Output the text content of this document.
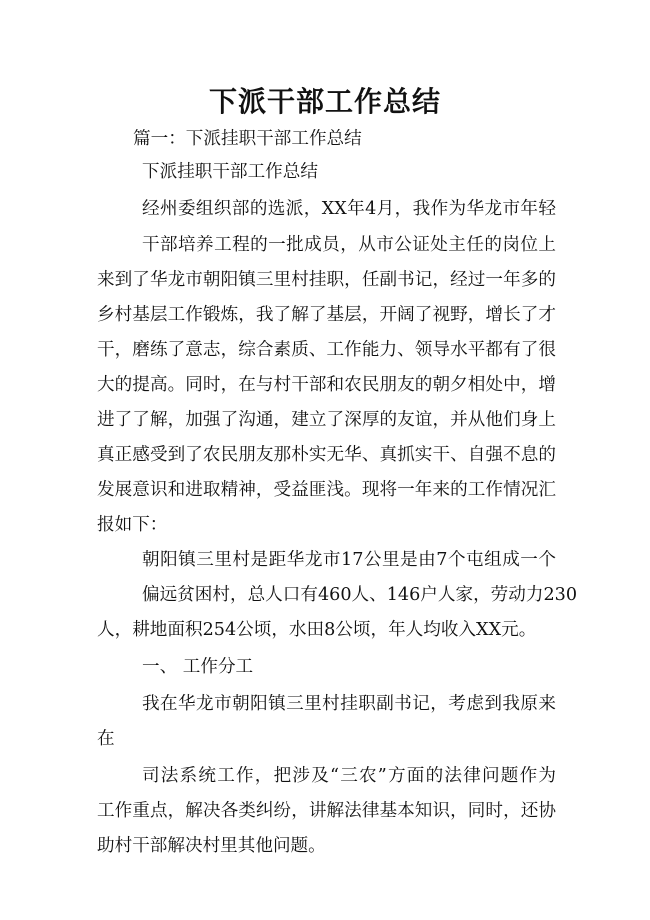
下派干部工作总结

篇一：下派挂职干部工作总结

下派挂职干部工作总结

经州委组织部的选派，XX年4月，我作为华龙市年轻

干部培养工程的一批成员，从市公证处主任的岗位上

来到了华龙市朝阳镇三里村挂职，任副书记，经过一年多的

乡村基层工作锻炼，我了解了基层，开阔了视野，增长了才

干，磨练了意志，综合素质、工作能力、领导水平都有了很

大的提高。同时，在与村干部和农民朋友的朝夕相处中，增

进了了解，加强了沟通，建立了深厚的友谊，并从他们身上

真正感受到了农民朋友那朴实无华、真抓实干、自强不息的

发展意识和进取精神，受益匪浅。现将一年来的工作情况汇

报如下：

朝阳镇三里村是距华龙市17公里是由7个屯组成一个

偏远贫困村，总人口有460人、146户人家，劳动力230

人，耕地面积254公顷，水田8公顷，年人均收入XX元。

一、 工作分工

我在华龙市朝阳镇三里村挂职副书记，考虑到我原来

在

司法系统工作，把涉及“三农”方面的法律问题作为

工作重点，解决各类纠纷，讲解法律基本知识，同时，还协

助村干部解决村里其他问题。
